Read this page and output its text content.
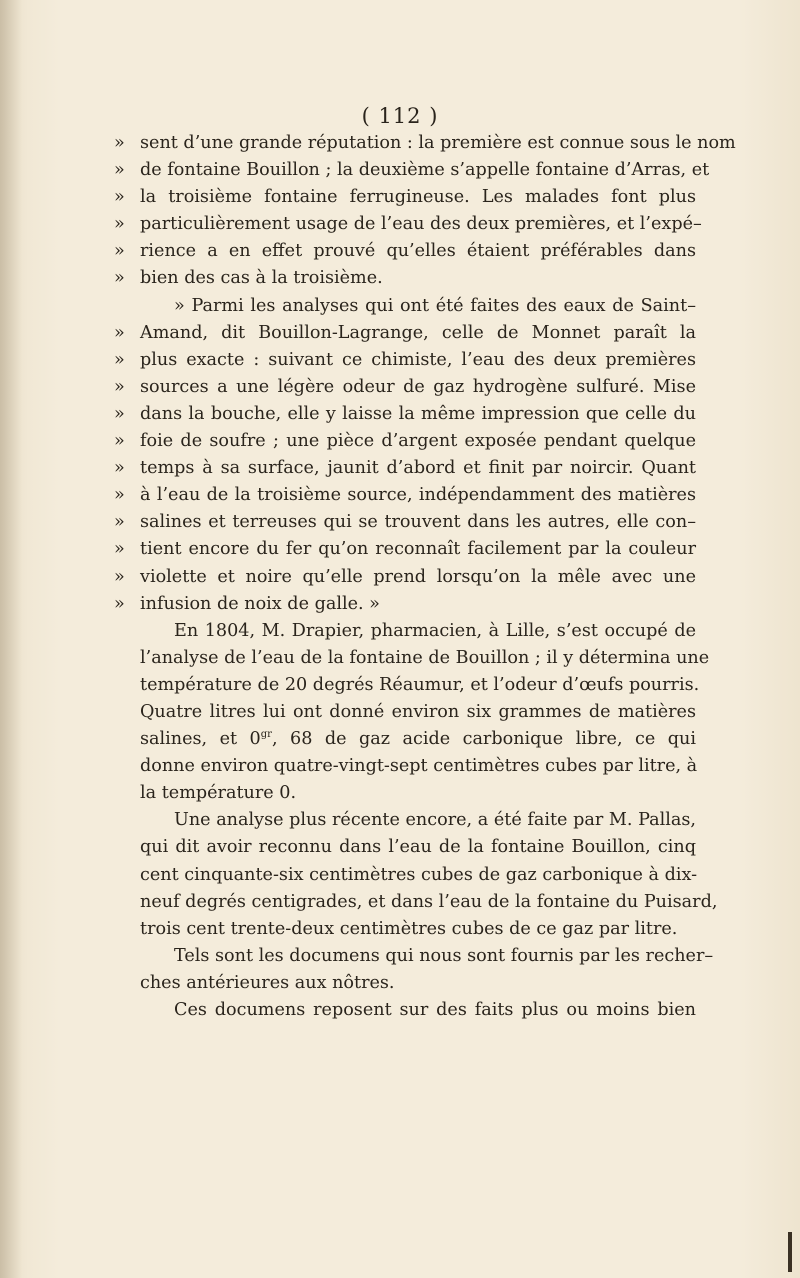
( 112 )
» sent d’une grande réputation : la première est connue sous le nom
» de fontaine Bouillon ; la deuxième s’appelle fontaine d’Arras, et
» la troisième fontaine ferrugineuse. Les malades font plus
» particulièrement usage de l’eau des deux premières, et l’expé–
» rience a en effet prouvé qu’elles étaient préférables dans
» bien des cas à la troisième.
» Parmi les analyses qui ont été faites des eaux de Saint–
» Amand, dit Bouillon-Lagrange, celle de Monnet paraît la
» plus exacte : suivant ce chimiste, l’eau des deux premières
» sources a une légère odeur de gaz hydrogène sulfuré. Mise
» dans la bouche, elle y laisse la même impression que celle du
» foie de soufre ; une pièce d’argent exposée pendant quelque
» temps à sa surface, jaunit d’abord et finit par noircir. Quant
» à l’eau de la troisième source, indépendamment des matières
» salines et terreuses qui se trouvent dans les autres, elle con–
» tient encore du fer qu’on reconnaît facilement par la couleur
» violette et noire qu’elle prend lorsqu’on la mêle avec une
» infusion de noix de galle. »
En 1804, M. Drapier, pharmacien, à Lille, s’est occupé de
l’analyse de l’eau de la fontaine de Bouillon ; il y détermina une
température de 20 degrés Réaumur, et l’odeur d’œufs pourris.
Quatre litres lui ont donné environ six grammes de matières
salines, et $0^{gr}$, 68 de gaz acide carbonique libre, ce qui
donne environ quatre-vingt-sept centimètres cubes par litre, à
la température 0.
Une analyse plus récente encore, a été faite par M. Pallas,
qui dit avoir reconnu dans l’eau de la fontaine Bouillon, cinq
cent cinquante-six centimètres cubes de gaz carbonique à dix-
neuf degrés centigrades, et dans l’eau de la fontaine du Puisard,
trois cent trente-deux centimètres cubes de ce gaz par litre.
Tels sont les documens qui nous sont fournis par les recher–
ches antérieures aux nôtres.
Ces documens reposent sur des faits plus ou moins bien
